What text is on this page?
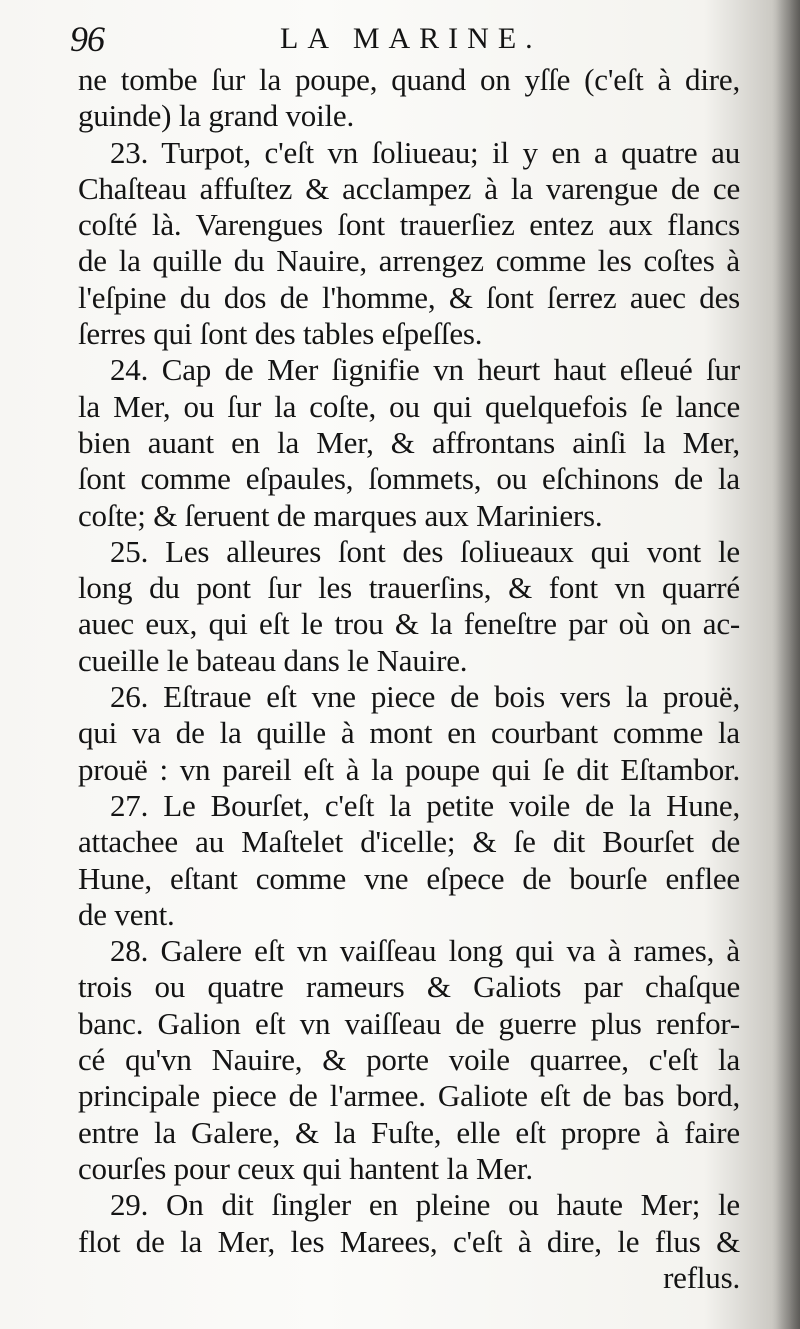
96	LA MARINE.
ne tombe ſur la poupe, quand on yſſe (c'eſt à dire,
guinde) la grand voile.
23. Turpot, c'eſt vn ſoliueau; il y en a quatre au
Chaſteau affuſtez & acclampez à la varengue de ce
coſté là. Varengues ſont trauerſiez entez aux flancs
de la quille du Nauire, arrengez comme les coſtes à
l'eſpine du dos de l'homme, & ſont ſerrez auec des
ſerres qui ſont des tables eſpeſſes.
24. Cap de Mer ſignifie vn heurt haut eſleué ſur
la Mer, ou ſur la coſte, ou qui quelquefois ſe lance
bien auant en la Mer, & affrontans ainſi la Mer,
ſont comme eſpaules, ſommets, ou eſchinons de la
coſte; & ſeruent de marques aux Mariniers.
25. Les alleures ſont des ſoliueaux qui vont le
long du pont ſur les trauerſins, & font vn quarré
auec eux, qui eſt le trou & la feneſtre par où on ac-
cueille le bateau dans le Nauire.
26. Eſtraue eſt vne piece de bois vers la prouë,
qui va de la quille à mont en courbant comme la
prouë : vn pareil eſt à la poupe qui ſe dit Eſtambor.
27. Le Bourſet, c'eſt la petite voile de la Hune,
attachee au Maſtelet d'icelle; & ſe dit Bourſet de
Hune, eſtant comme vne eſpece de bourſe enflee
de vent.
28. Galere eſt vn vaiſſeau long qui va à rames, à
trois ou quatre rameurs & Galiots par chaſque
banc. Galion eſt vn vaiſſeau de guerre plus renfor-
cé qu'vn Nauire, & porte voile quarree, c'eſt la
principale piece de l'armee. Galiote eſt de bas bord,
entre la Galere, & la Fuſte, elle eſt propre à faire
courſes pour ceux qui hantent la Mer.
29. On dit ſingler en pleine ou haute Mer; le
flot de la Mer, les Marees, c'eſt à dire, le flus &
reflus.
